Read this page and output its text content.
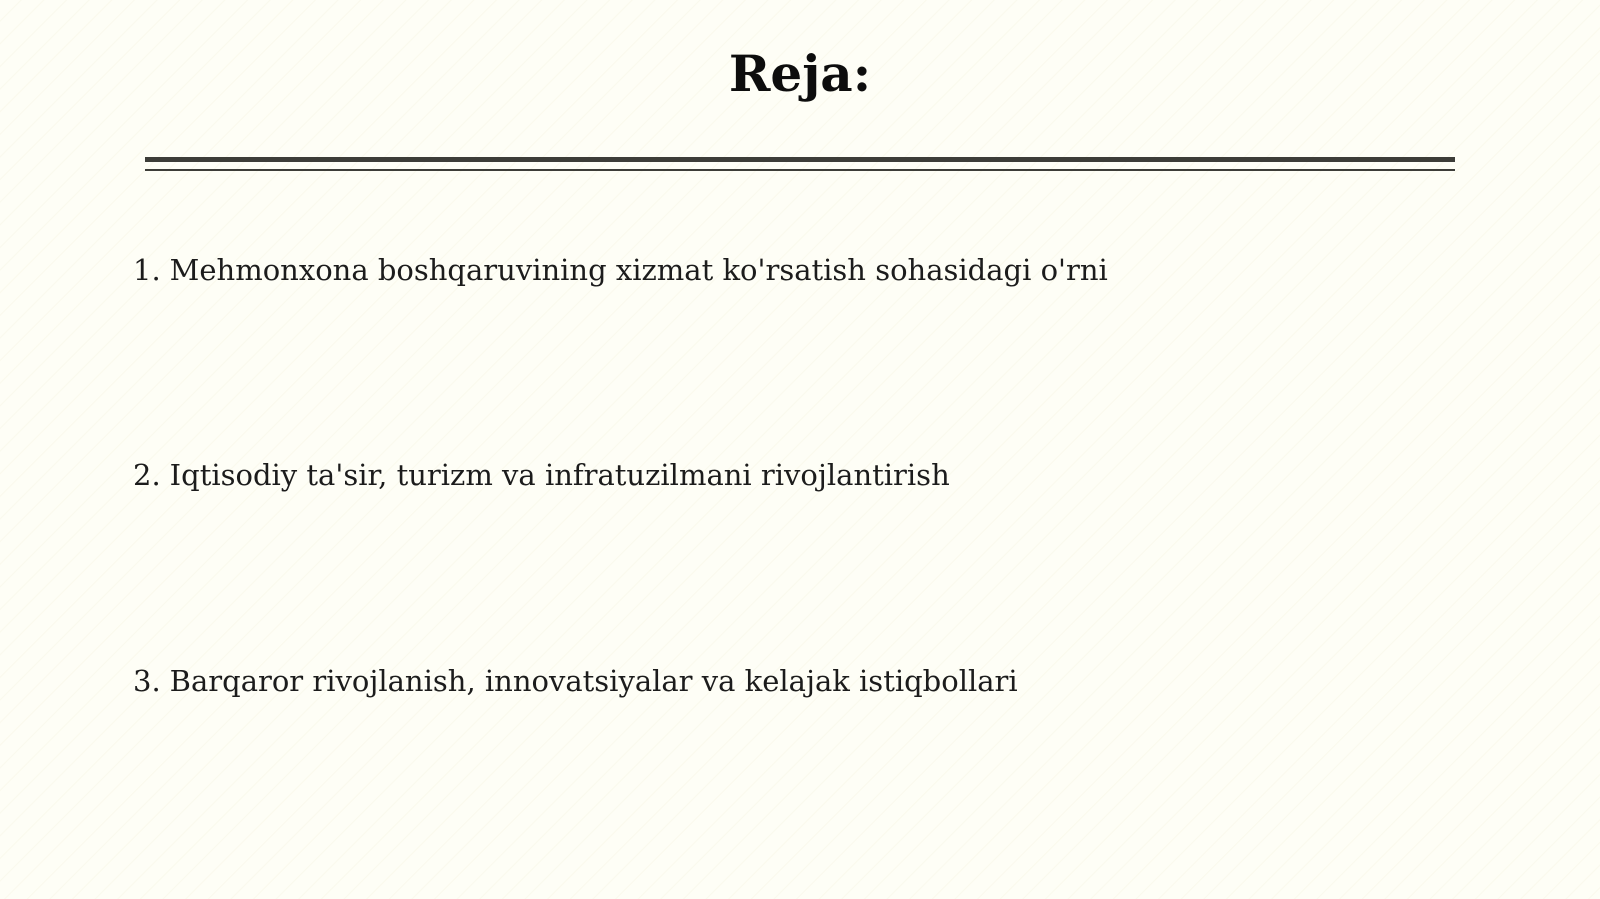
Reja:
1. Mehmonxona boshqaruvining xizmat ko'rsatish sohasidagi o'rni
2. Iqtisodiy ta'sir, turizm va infratuzilmani rivojlantirish
3. Barqaror rivojlanish, innovatsiyalar va kelajak istiqbollari
